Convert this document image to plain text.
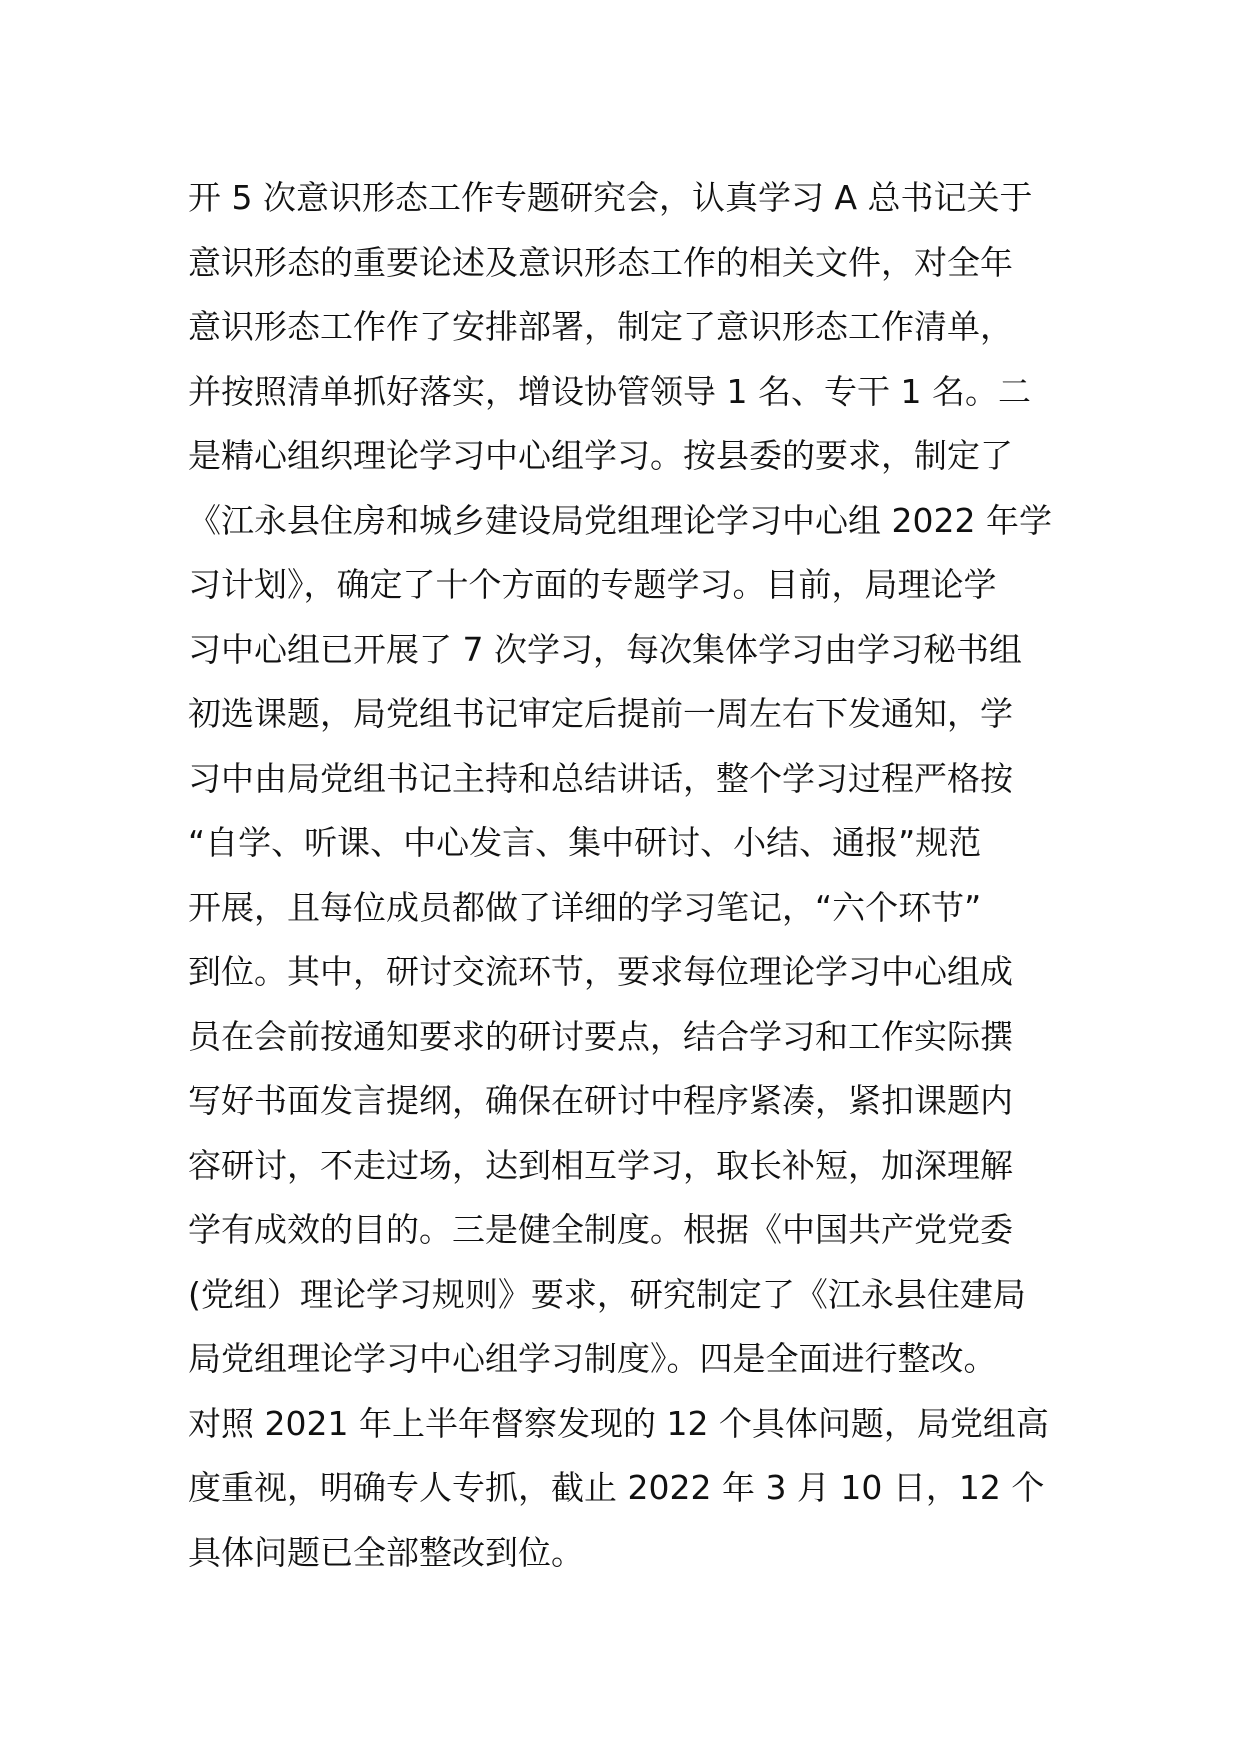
开 5 次意识形态工作专题研究会，认真学习 A 总书记关于
意识形态的重要论述及意识形态工作的相关文件，对全年
意识形态工作作了安排部署，制定了意识形态工作清单，
并按照清单抓好落实，增设协管领导 1 名、专干 1 名。二
是精心组织理论学习中心组学习。按县委的要求，制定了
《江永县住房和城乡建设局党组理论学习中心组 2022 年学
习计划》，确定了十个方面的专题学习。目前，局理论学
习中心组已开展了 7 次学习，每次集体学习由学习秘书组
初选课题，局党组书记审定后提前一周左右下发通知，学
习中由局党组书记主持和总结讲话，整个学习过程严格按
“自学、听课、中心发言、集中研讨、小结、通报”规范
开展，且每位成员都做了详细的学习笔记，“六个环节”
到位。其中，研讨交流环节，要求每位理论学习中心组成
员在会前按通知要求的研讨要点，结合学习和工作实际撰
写好书面发言提纲，确保在研讨中程序紧凑，紧扣课题内
容研讨，不走过场，达到相互学习，取长补短，加深理解
学有成效的目的。三是健全制度。根据《中国共产党党委
(党组）理论学习规则》要求，研究制定了《江永县住建局
局党组理论学习中心组学习制度》。四是全面进行整改。
对照 2021 年上半年督察发现的 12 个具体问题，局党组高
度重视，明确专人专抓，截止 2022 年 3 月 10 日，12 个
具体问题已全部整改到位。
